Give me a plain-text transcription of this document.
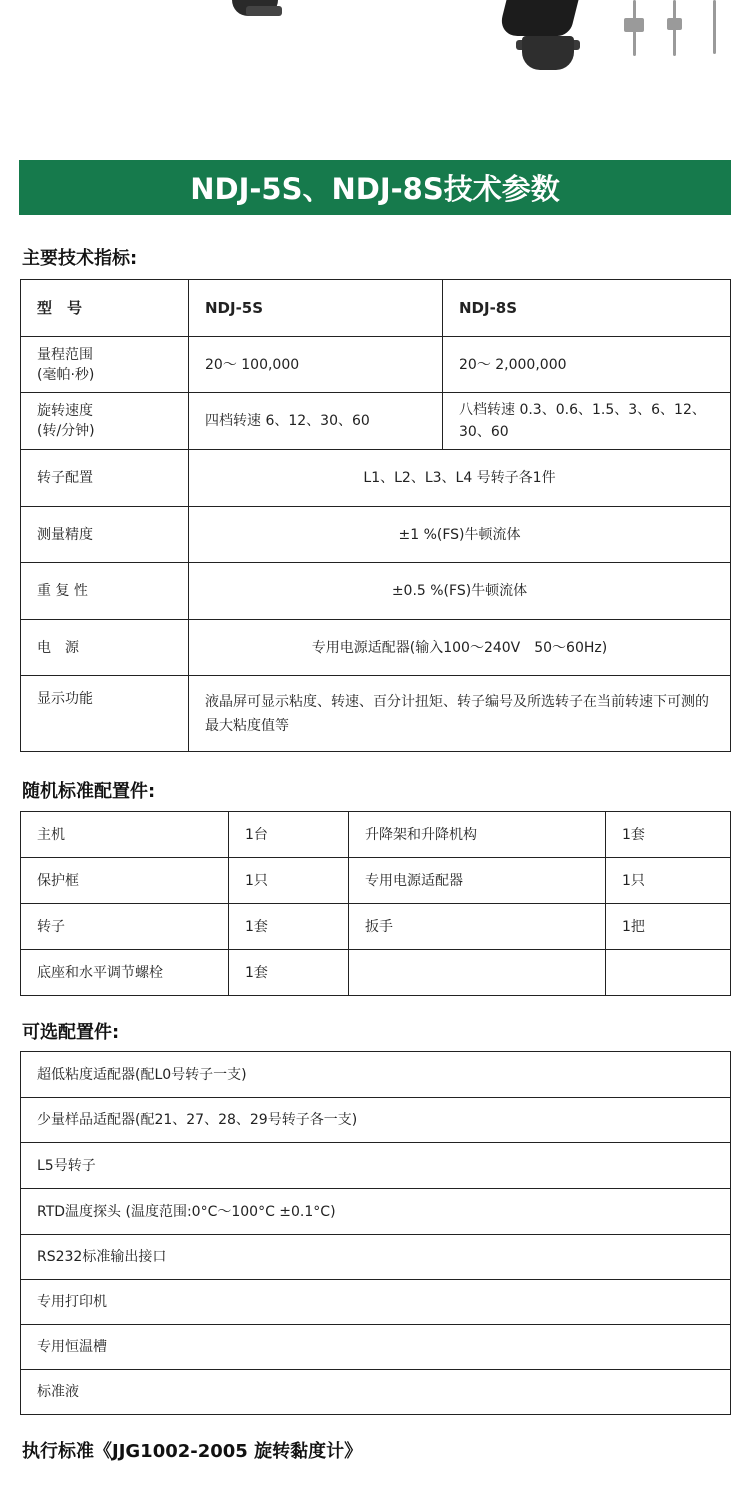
NDJ-5S、NDJ-8S技术参数
主要技术指标:
型　号	NDJ-5S	NDJ-8S

量程范围
(毫帕·秒)	20～ 100,000	20～ 2,000,000

旋转速度
(转/分钟)	四档转速 6、12、30、60	八档转速 0.3、0.6、1.5、3、6、12、30、60
转子配置	L1、L2、L3、L4 号转子各1件	
测量精度	±1 %(FS)牛顿流体	
重 复 性	±0.5 %(FS)牛顿流体	
电　源	专用电源适配器(输入100～240V　50～60Hz)	
显示功能	液晶屏可显示粘度、转速、百分计扭矩、转子编号及所选转子在当前转速下可测的最大粘度值等	
随机标准配置件:
主机	1台	升降架和升降机构	1套
保护框	1只	专用电源适配器	1只
转子	1套	扳手	1把
底座和水平调节螺栓	1套		
可选配置件:
超低粘度适配器(配L0号转子一支)
少量样品适配器(配21、27、28、29号转子各一支)
L5号转子
RTD温度探头 (温度范围:0°C～100°C ±0.1°C)
RS232标准输出接口
专用打印机
专用恒温槽
标准液
执行标准《JJG1002-2005 旋转黏度计》
